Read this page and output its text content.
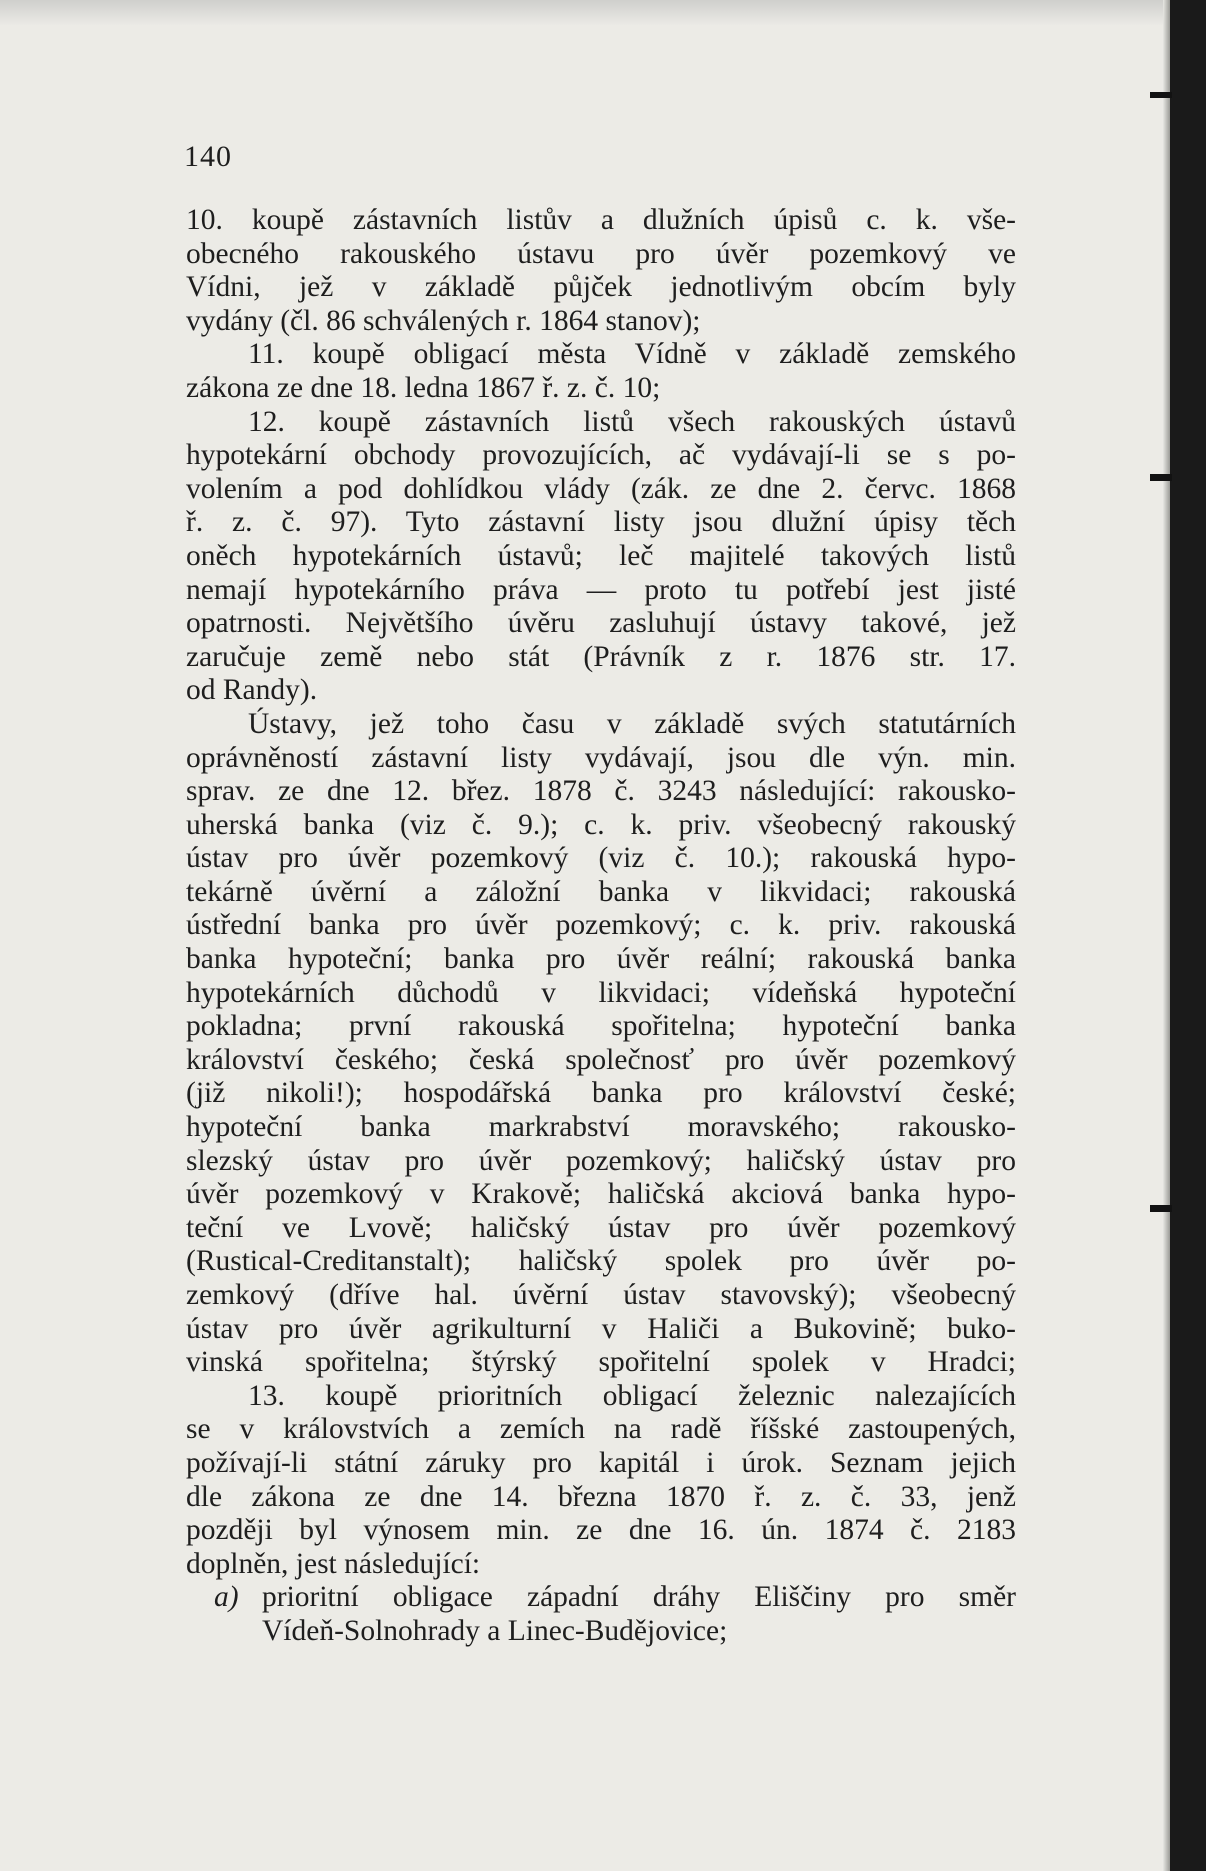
140
10. koupě zástavních listův a dlužních úpisů c. k. vše-
obecného rakouského ústavu pro úvěr pozemkový ve
Vídni, jež v základě půjček jednotlivým obcím byly
vydány (čl. 86 schválených r. 1864 stanov);
11. koupě obligací města Vídně v základě zemského
zákona ze dne 18. ledna 1867 ř. z. č. 10;
12. koupě zástavních listů všech rakouských ústavů
hypotekární obchody provozujících, ač vydávají-li se s po-
volením a pod dohlídkou vlády (zák. ze dne 2. červc. 1868
ř. z. č. 97). Tyto zástavní listy jsou dlužní úpisy těch
oněch hypotekárních ústavů; leč majitelé takových listů
nemají hypotekárního práva — proto tu potřebí jest jisté
opatrnosti. Největšího úvěru zasluhují ústavy takové, jež
zaručuje země nebo stát (Právník z r. 1876 str. 17.
od Randy).
Ústavy, jež toho času v základě svých statutárních
oprávněností zástavní listy vydávají, jsou dle výn. min.
sprav. ze dne 12. břez. 1878 č. 3243 následující: rakousko-
uherská banka (viz č. 9.); c. k. priv. všeobecný rakouský
ústav pro úvěr pozemkový (viz č. 10.); rakouská hypo-
tekárně úvěrní a záložní banka v likvidaci; rakouská
ústřední banka pro úvěr pozemkový; c. k. priv. rakouská
banka hypoteční; banka pro úvěr reální; rakouská banka
hypotekárních důchodů v likvidaci; vídeňská hypoteční
pokladna; první rakouská spořitelna; hypoteční banka
království českého; česká společnosť pro úvěr pozemkový
(již nikoli!); hospodářská banka pro království české;
hypoteční banka markrabství moravského; rakousko-
slezský ústav pro úvěr pozemkový; haličský ústav pro
úvěr pozemkový v Krakově; haličská akciová banka hypo-
teční ve Lvově; haličský ústav pro úvěr pozemkový
(Rustical-Creditanstalt); haličský spolek pro úvěr po-
zemkový (dříve hal. úvěrní ústav stavovský); všeobecný
ústav pro úvěr agrikulturní v Haliči a Bukovině; buko-
vinská spořitelna; štýrský spořitelní spolek v Hradci;
13. koupě prioritních obligací železnic nalezajících
se v královstvích a zemích na radě říšské zastoupených,
požívají-li státní záruky pro kapitál i úrok. Seznam jejich
dle zákona ze dne 14. března 1870 ř. z. č. 33, jenž
později byl výnosem min. ze dne 16. ún. 1874 č. 2183
doplněn, jest následující:
a) prioritní obligace západní dráhy Eliščiny pro směr
Vídeň-Solnohrady a Linec-Budějovice;
